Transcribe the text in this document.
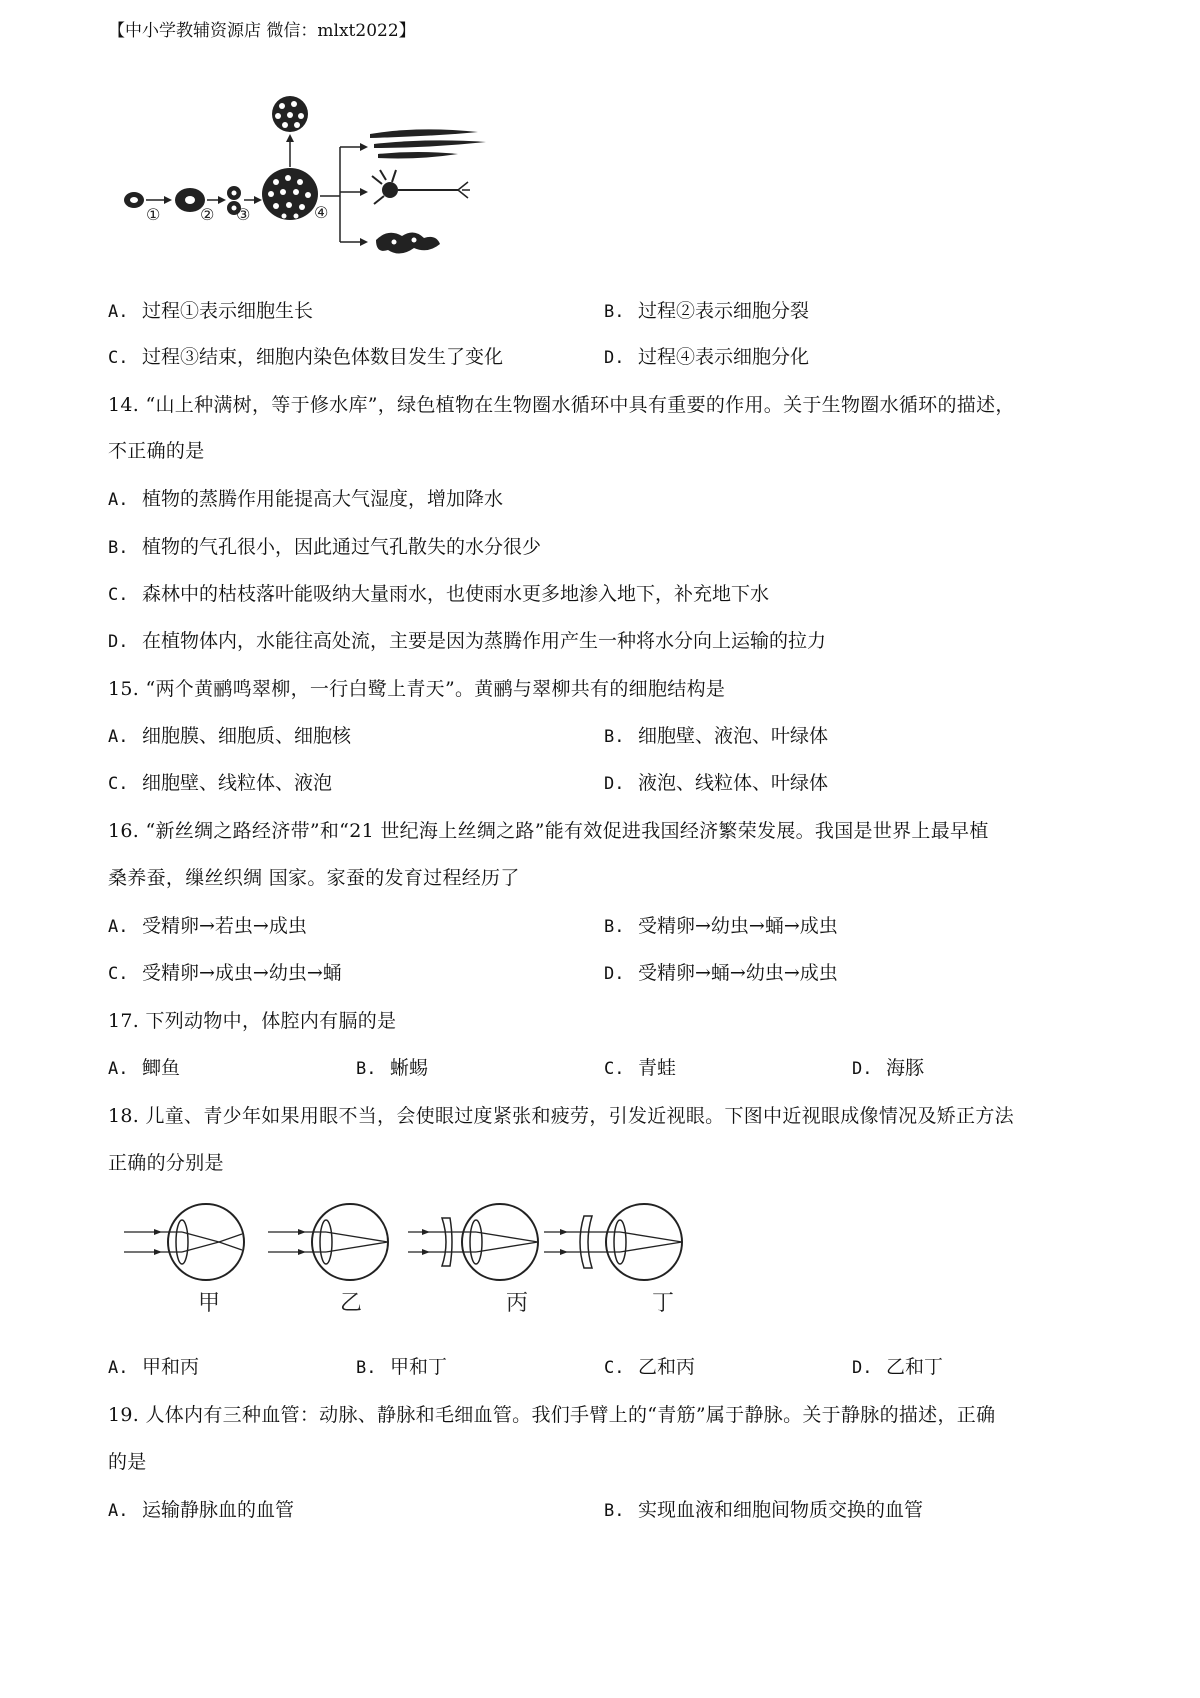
【中小学教辅资源店 微信：mlxt2022】
① ② ③	④
A. 过程①表示细胞生长	B. 过程②表示细胞分裂
C. 过程③结束，细胞内染色体数目发生了变化	D. 过程④表示细胞分化
14. “山上种满树，等于修水库”，绿色植物在生物圈水循环中具有重要的作用。关于生物圈水循环的描述，
不正确的是
A. 植物的蒸腾作用能提高大气湿度，增加降水
B. 植物的气孔很小，因此通过气孔散失的水分很少
C. 森林中的枯枝落叶能吸纳大量雨水，也使雨水更多地渗入地下，补充地下水
D. 在植物体内，水能往高处流，主要是因为蒸腾作用产生一种将水分向上运输的拉力
15. “两个黄鹂鸣翠柳，一行白鹭上青天”。黄鹂与翠柳共有的细胞结构是
A. 细胞膜、细胞质、细胞核	B. 细胞壁、液泡、叶绿体
C. 细胞壁、线粒体、液泡	D. 液泡、线粒体、叶绿体
16. “新丝绸之路经济带”和“21 世纪海上丝绸之路”能有效促进我国经济繁荣发展。我国是世界上最早植
桑养蚕，缫丝织绸 国家。家蚕的发育过程经历了
A. 受精卵→若虫→成虫	B. 受精卵→幼虫→蛹→成虫
C. 受精卵→成虫→幼虫→蛹	D. 受精卵→蛹→幼虫→成虫
17. 下列动物中，体腔内有膈的是
A. 鲫鱼	B. 蜥蜴	C. 青蛙	D. 海豚
18. 儿童、青少年如果用眼不当，会使眼过度紧张和疲劳，引发近视眼。下图中近视眼成像情况及矫正方法
正确的分别是
甲	乙	丙	丁
A. 甲和丙	B. 甲和丁	C. 乙和丙	D. 乙和丁
19. 人体内有三种血管：动脉、静脉和毛细血管。我们手臂上的“青筋”属于静脉。关于静脉的描述，正确
的是
A. 运输静脉血的血管	B. 实现血液和细胞间物质交换的血管
